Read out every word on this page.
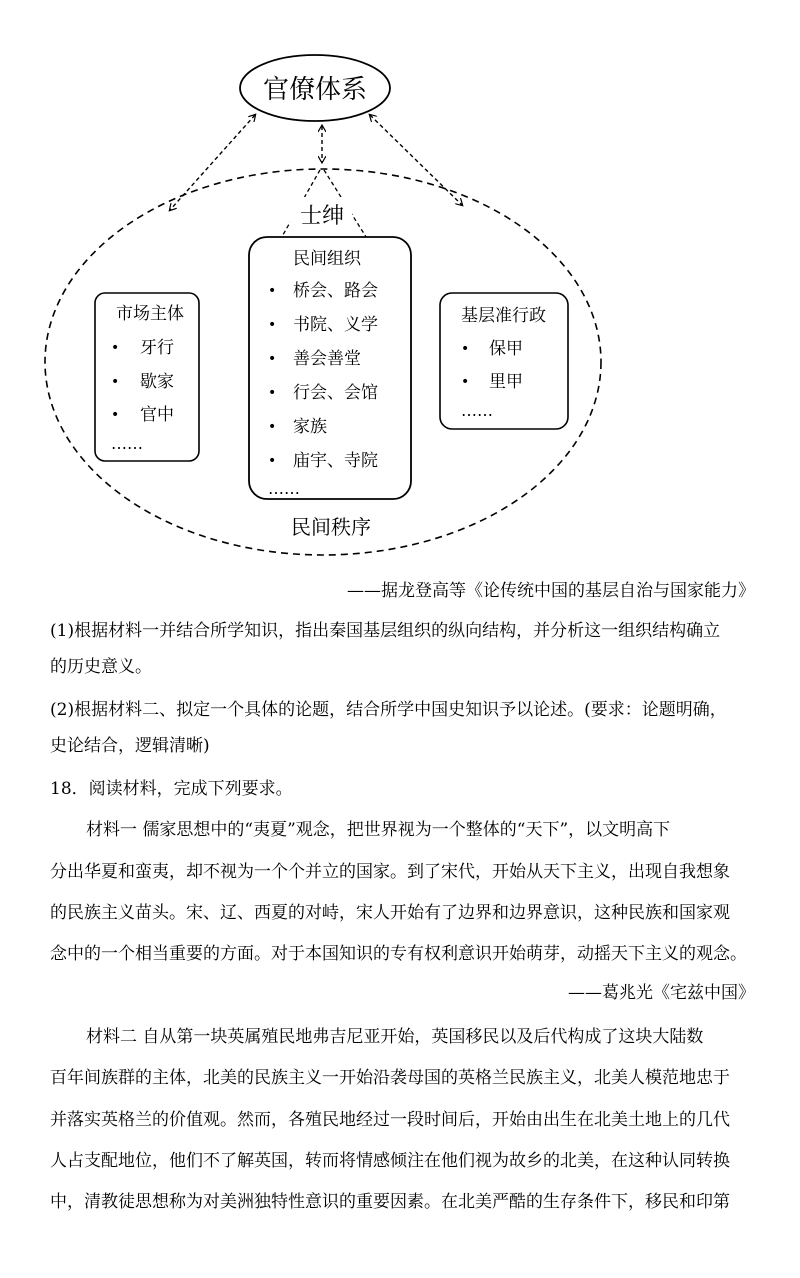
官僚体系
士绅
市场主体
• 牙行
• 歇家
• 官中
……
民间组织
• 桥会、路会
• 书院、义学
• 善会善堂
• 行会、会馆
• 家族
• 庙宇、寺院
……
基层准行政
• 保甲
• 里甲
……
民间秩序
——据龙登高等《论传统中国的基层自治与国家能力》
(1)根据材料一并结合所学知识，指出秦国基层组织的纵向结构，并分析这一组织结构确立
的历史意义。
(2)根据材料二、拟定一个具体的论题，结合所学中国史知识予以论述。(要求：论题明确，
史论结合，逻辑清晰)
18．阅读材料，完成下列要求。
材料一 儒家思想中的“夷夏”观念，把世界视为一个整体的“天下”，以文明高下
分出华夏和蛮夷，却不视为一个个并立的国家。到了宋代，开始从天下主义，出现自我想象
的民族主义苗头。宋、辽、西夏的对峙，宋人开始有了边界和边界意识，这种民族和国家观
念中的一个相当重要的方面。对于本国知识的专有权利意识开始萌芽，动摇天下主义的观念。
——葛兆光《宅兹中国》
材料二 自从第一块英属殖民地弗吉尼亚开始，英国移民以及后代构成了这块大陆数
百年间族群的主体，北美的民族主义一开始沿袭母国的英格兰民族主义，北美人模范地忠于
并落实英格兰的价值观。然而，各殖民地经过一段时间后，开始由出生在北美土地上的几代
人占支配地位，他们不了解英国，转而将情感倾注在他们视为故乡的北美，在这种认同转换
中，清教徒思想称为对美洲独特性意识的重要因素。在北美严酷的生存条件下，移民和印第
